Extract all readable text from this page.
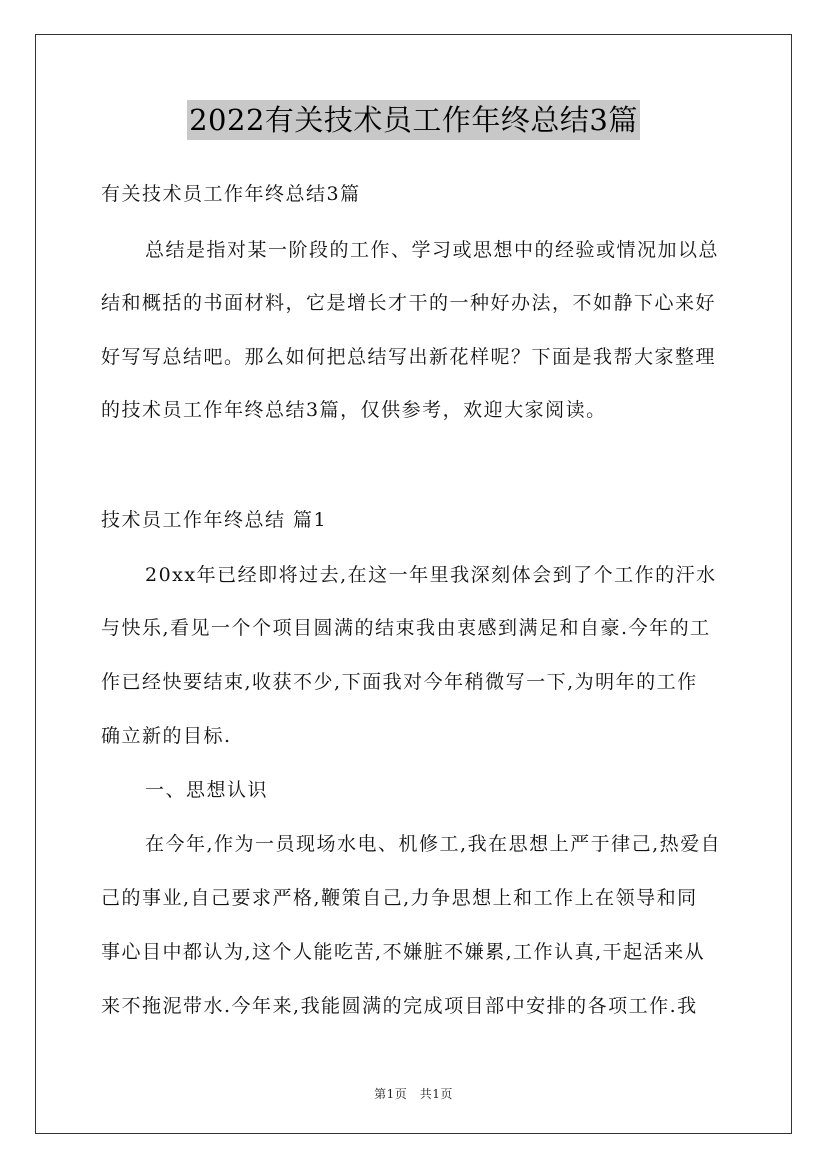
2022有关技术员工作年终总结3篇
有关技术员工作年终总结3篇
总结是指对某一阶段的工作、学习或思想中的经验或情况加以总
结和概括的书面材料，它是增长才干的一种好办法，不如静下心来好
好写写总结吧。那么如何把总结写出新花样呢？下面是我帮大家整理
的技术员工作年终总结3篇，仅供参考，欢迎大家阅读。
技术员工作年终总结 篇1
20xx年已经即将过去,在这一年里我深刻体会到了个工作的汗水
与快乐,看见一个个项目圆满的结束我由衷感到满足和自豪.今年的工
作已经快要结束,收获不少,下面我对今年稍微写一下,为明年的工作
确立新的目标.
一、思想认识
在今年,作为一员现场水电、机修工,我在思想上严于律己,热爱自
己的事业,自己要求严格,鞭策自己,力争思想上和工作上在领导和同
事心目中都认为,这个人能吃苦,不嫌脏不嫌累,工作认真,干起活来从
来不拖泥带水.今年来,我能圆满的完成项目部中安排的各项工作.我
第1页　共1页
